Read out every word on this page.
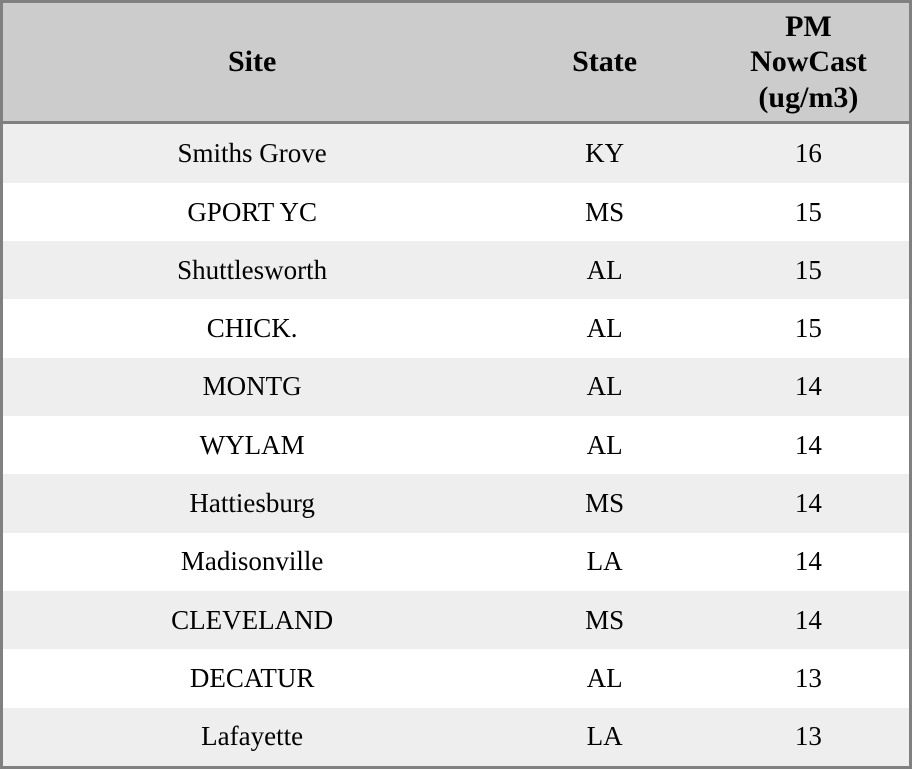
Site	State	PM
NowCast
(ug/m3)
Smiths Grove	KY	16
GPORT YC	MS	15
Shuttlesworth	AL	15
CHICK.	AL	15
MONTG	AL	14
WYLAM	AL	14
Hattiesburg	MS	14
Madisonville	LA	14
CLEVELAND	MS	14
DECATUR	AL	13
Lafayette	LA	13
